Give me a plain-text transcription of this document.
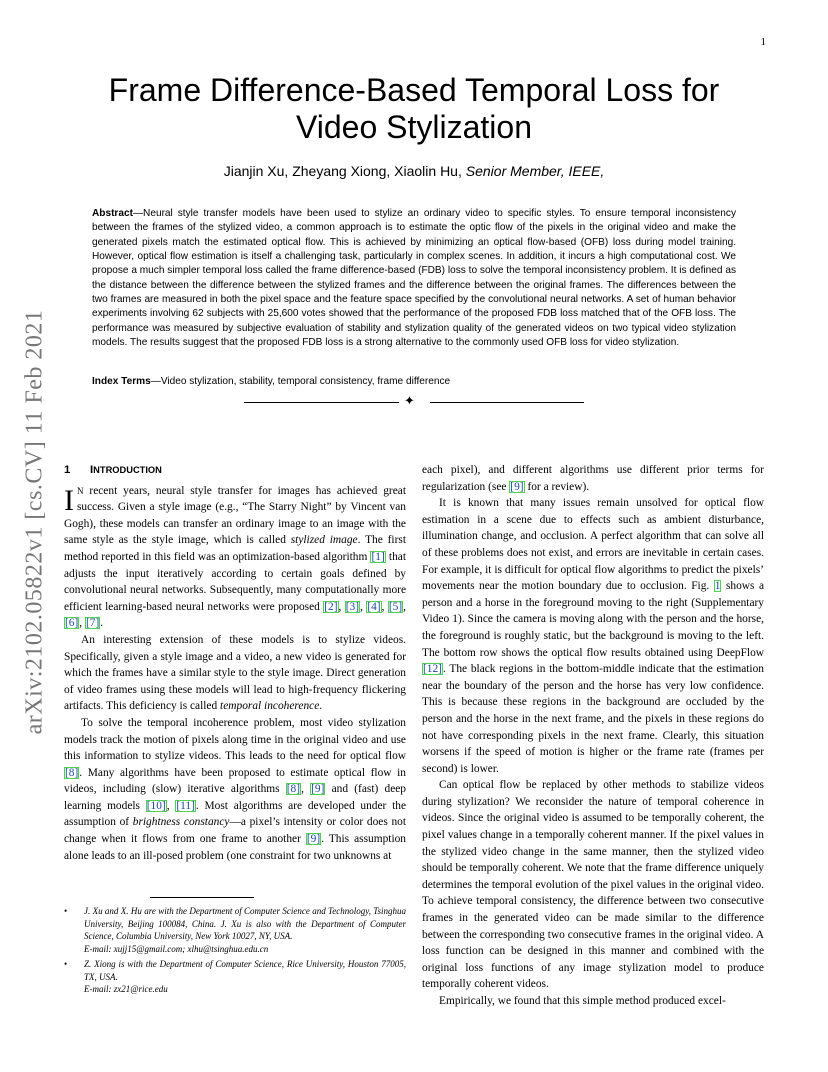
1
arXiv:2102.05822v1 [cs.CV] 11 Feb 2021
Frame Difference-Based Temporal Loss for Video Stylization
Jianjin Xu, Zheyang Xiong, Xiaolin Hu, Senior Member, IEEE,

Abstract—Neural style transfer models have been used to stylize an ordinary video to specific styles. To ensure temporal inconsistency between the frames of the stylized video, a common approach is to estimate the optic flow of the pixels in the original video and make the generated pixels match the estimated optical flow. This is achieved by minimizing an optical flow-based (OFB) loss during model training. However, optical flow estimation is itself a challenging task, particularly in complex scenes. In addition, it incurs a high computational cost. We propose a much simpler temporal loss called the frame difference-based (FDB) loss to solve the temporal inconsistency problem. It is defined as the distance between the difference between the stylized frames and the difference between the original frames. The differences between the two frames are measured in both the pixel space and the feature space specified by the convolutional neural networks. A set of human behavior experiments involving 62 subjects with 25,600 votes showed that the performance of the proposed FDB loss matched that of the OFB loss. The performance was measured by subjective evaluation of stability and stylization quality of the generated videos on two typical video stylization models. The results suggest that the proposed FDB loss is a strong alternative to the commonly used OFB loss for video stylization.

Index Terms—Video stylization, stability, temporal consistency, frame difference

✦
1 INTRODUCTION

I N recent years, neural style transfer for images has achieved great success. Given a style image (e.g., “The Starry Night” by Vincent van Gogh), these models can transfer an ordinary image to an image with the same style as the style image, which is called stylized image. The first method reported in this field was an optimization-based algorithm [1] that adjusts the input iteratively according to certain goals defined by convolutional neural networks. Subsequently, many computationally more efficient learning-based neural networks were proposed [2], [3], [4], [5], [6], [7].

An interesting extension of these models is to stylize videos. Specifically, given a style image and a video, a new video is generated for which the frames have a similar style to the style image. Direct generation of video frames using these models will lead to high-frequency flickering artifacts. This deficiency is called temporal incoherence.

To solve the temporal incoherence problem, most video stylization models track the motion of pixels along time in the original video and use this information to stylize videos. This leads to the need for optical flow [8]. Many algorithms have been proposed to estimate optical flow in videos, including (slow) iterative algorithms [8], [9] and (fast) deep learning models [10], [11]. Most algorithms are developed under the assumption of brightness constancy—a pixel’s intensity or color does not change when it flows from one frame to another [9]. This assumption alone leads to an ill-posed problem (one constraint for two unknowns at

each pixel), and different algorithms use different prior terms for regularization (see [9] for a review).

It is known that many issues remain unsolved for optical flow estimation in a scene due to effects such as ambient disturbance, illumination change, and occlusion. A perfect algorithm that can solve all of these problems does not exist, and errors are inevitable in certain cases. For example, it is difficult for optical flow algorithms to predict the pixels’ movements near the motion boundary due to occlusion. Fig. 1 shows a person and a horse in the foreground moving to the right (Supplementary Video 1). Since the camera is moving along with the person and the horse, the foreground is roughly static, but the background is moving to the left. The bottom row shows the optical flow results obtained using DeepFlow [12]. The black regions in the bottom-middle indicate that the estimation near the boundary of the person and the horse has very low confidence. This is because these regions in the background are occluded by the person and the horse in the next frame, and the pixels in these regions do not have corresponding pixels in the next frame. Clearly, this situation worsens if the speed of motion is higher or the frame rate (frames per second) is lower.

Can optical flow be replaced by other methods to stabilize videos during stylization? We reconsider the nature of temporal coherence in videos. Since the original video is assumed to be temporally coherent, the pixel values change in a temporally coherent manner. If the pixel values in the stylized video change in the same manner, then the stylized video should be temporally coherent. We note that the frame difference uniquely determines the temporal evolution of the pixel values in the original video. To achieve temporal consistency, the difference between two consecutive frames in the generated video can be made similar to the difference between the corresponding two consecutive frames in the original video. A loss function can be designed in this manner and combined with the original loss functions of any image stylization model to produce temporally coherent videos.

Empirically, we found that this simple method produced excel-

• J. Xu and X. Hu are with the Department of Computer Science and Technology, Tsinghua University, Beijing 100084, China. J. Xu is also with the Department of Computer Science, Columbia University, New York 10027, NY, USA.
E-mail: xujj15@gmail.com; xlhu@tsinghua.edu.cn
• Z. Xiong is with the Department of Computer Science, Rice University, Houston 77005, TX, USA.
E-mail: zx21@rice.edu
